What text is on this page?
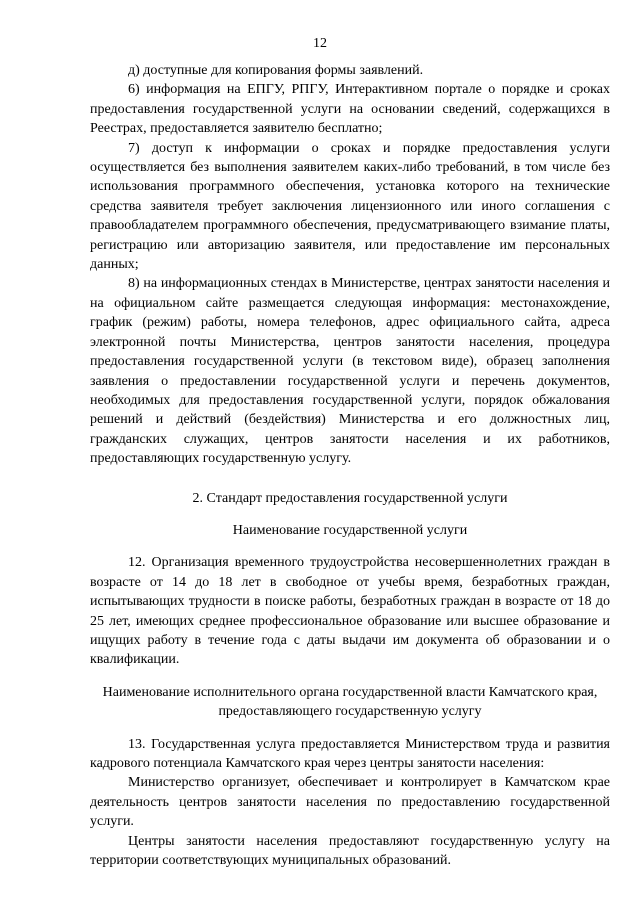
12

д) доступные для копирования формы заявлений.

6) информация на ЕПГУ, РПГУ, Интерактивном портале о порядке и сроках предоставления государственной услуги на основании сведений, содержащихся в Реестрах, предоставляется заявителю бесплатно;

7) доступ к информации о сроках и порядке предоставления услуги осуществляется без выполнения заявителем каких-либо требований, в том числе без использования программного обеспечения, установка которого на технические средства заявителя требует заключения лицензионного или иного соглашения с правообладателем программного обеспечения, предусматривающего взимание платы, регистрацию или авторизацию заявителя, или предоставление им персональных данных;

8) на информационных стендах в Министерстве, центрах занятости населения и на официальном сайте размещается следующая информация: местонахождение, график (режим) работы, номера телефонов, адрес официального сайта, адреса электронной почты Министерства, центров занятости населения, процедура предоставления государственной услуги (в текстовом виде), образец заполнения заявления о предоставлении государственной услуги и перечень документов, необходимых для предоставления государственной услуги, порядок обжалования решений и действий (бездействия) Министерства и его должностных лиц, гражданских служащих, центров занятости населения и их работников, предоставляющих государственную услугу.

2. Стандарт предоставления государственной услуги

Наименование государственной услуги

12. Организация временного трудоустройства несовершеннолетних граждан в возрасте от 14 до 18 лет в свободное от учебы время, безработных граждан, испытывающих трудности в поиске работы, безработных граждан в возрасте от 18 до 25 лет, имеющих среднее профессиональное образование или высшее образование и ищущих работу в течение года с даты выдачи им документа об образовании и о квалификации.

Наименование исполнительного органа государственной власти Камчатского края, предоставляющего государственную услугу

13. Государственная услуга предоставляется Министерством труда и развития кадрового потенциала Камчатского края через центры занятости населения:

Министерство организует, обеспечивает и контролирует в Камчатском крае деятельность центров занятости населения по предоставлению государственной услуги.

Центры занятости населения предоставляют государственную услугу на территории соответствующих муниципальных образований.
